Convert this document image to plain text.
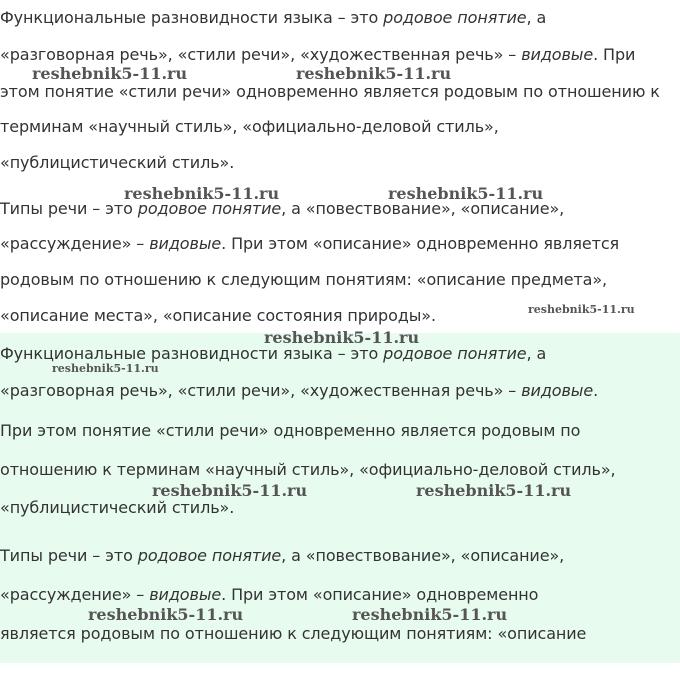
Функциональные разновидности языка – это родовое понятие, а
«разговорная речь», «стили речи», «художественная речь» – видовые. При
этом понятие «стили речи» одновременно является родовым по отношению к
терминам «научный стиль», «официально-деловой стиль»,
«публицистический стиль».
Типы речи – это родовое понятие, а «повествование», «описание»,
«рассуждение» – видовые. При этом «описание» одновременно является
родовым по отношению к следующим понятиям: «описание предмета»,
«описание места», «описание состояния природы».
Функциональные разновидности языка – это родовое понятие, а
«разговорная речь», «стили речи», «художественная речь» – видовые.
При этом понятие «стили речи» одновременно является родовым по
отношению к терминам «научный стиль», «официально-деловой стиль»,
«публицистический стиль».
Типы речи – это родовое понятие, а «повествование», «описание»,
«рассуждение» – видовые. При этом «описание» одновременно
является родовым по отношению к следующим понятиям: «описание
reshebnik5-11.ru	reshebnik5-11.ru
reshebnik5-11.ru	reshebnik5-11.ru
reshebnik5-11.ru
reshebnik5-11.ru
reshebnik5-11.ru
reshebnik5-11.ru	reshebnik5-11.ru
reshebnik5-11.ru	reshebnik5-11.ru
